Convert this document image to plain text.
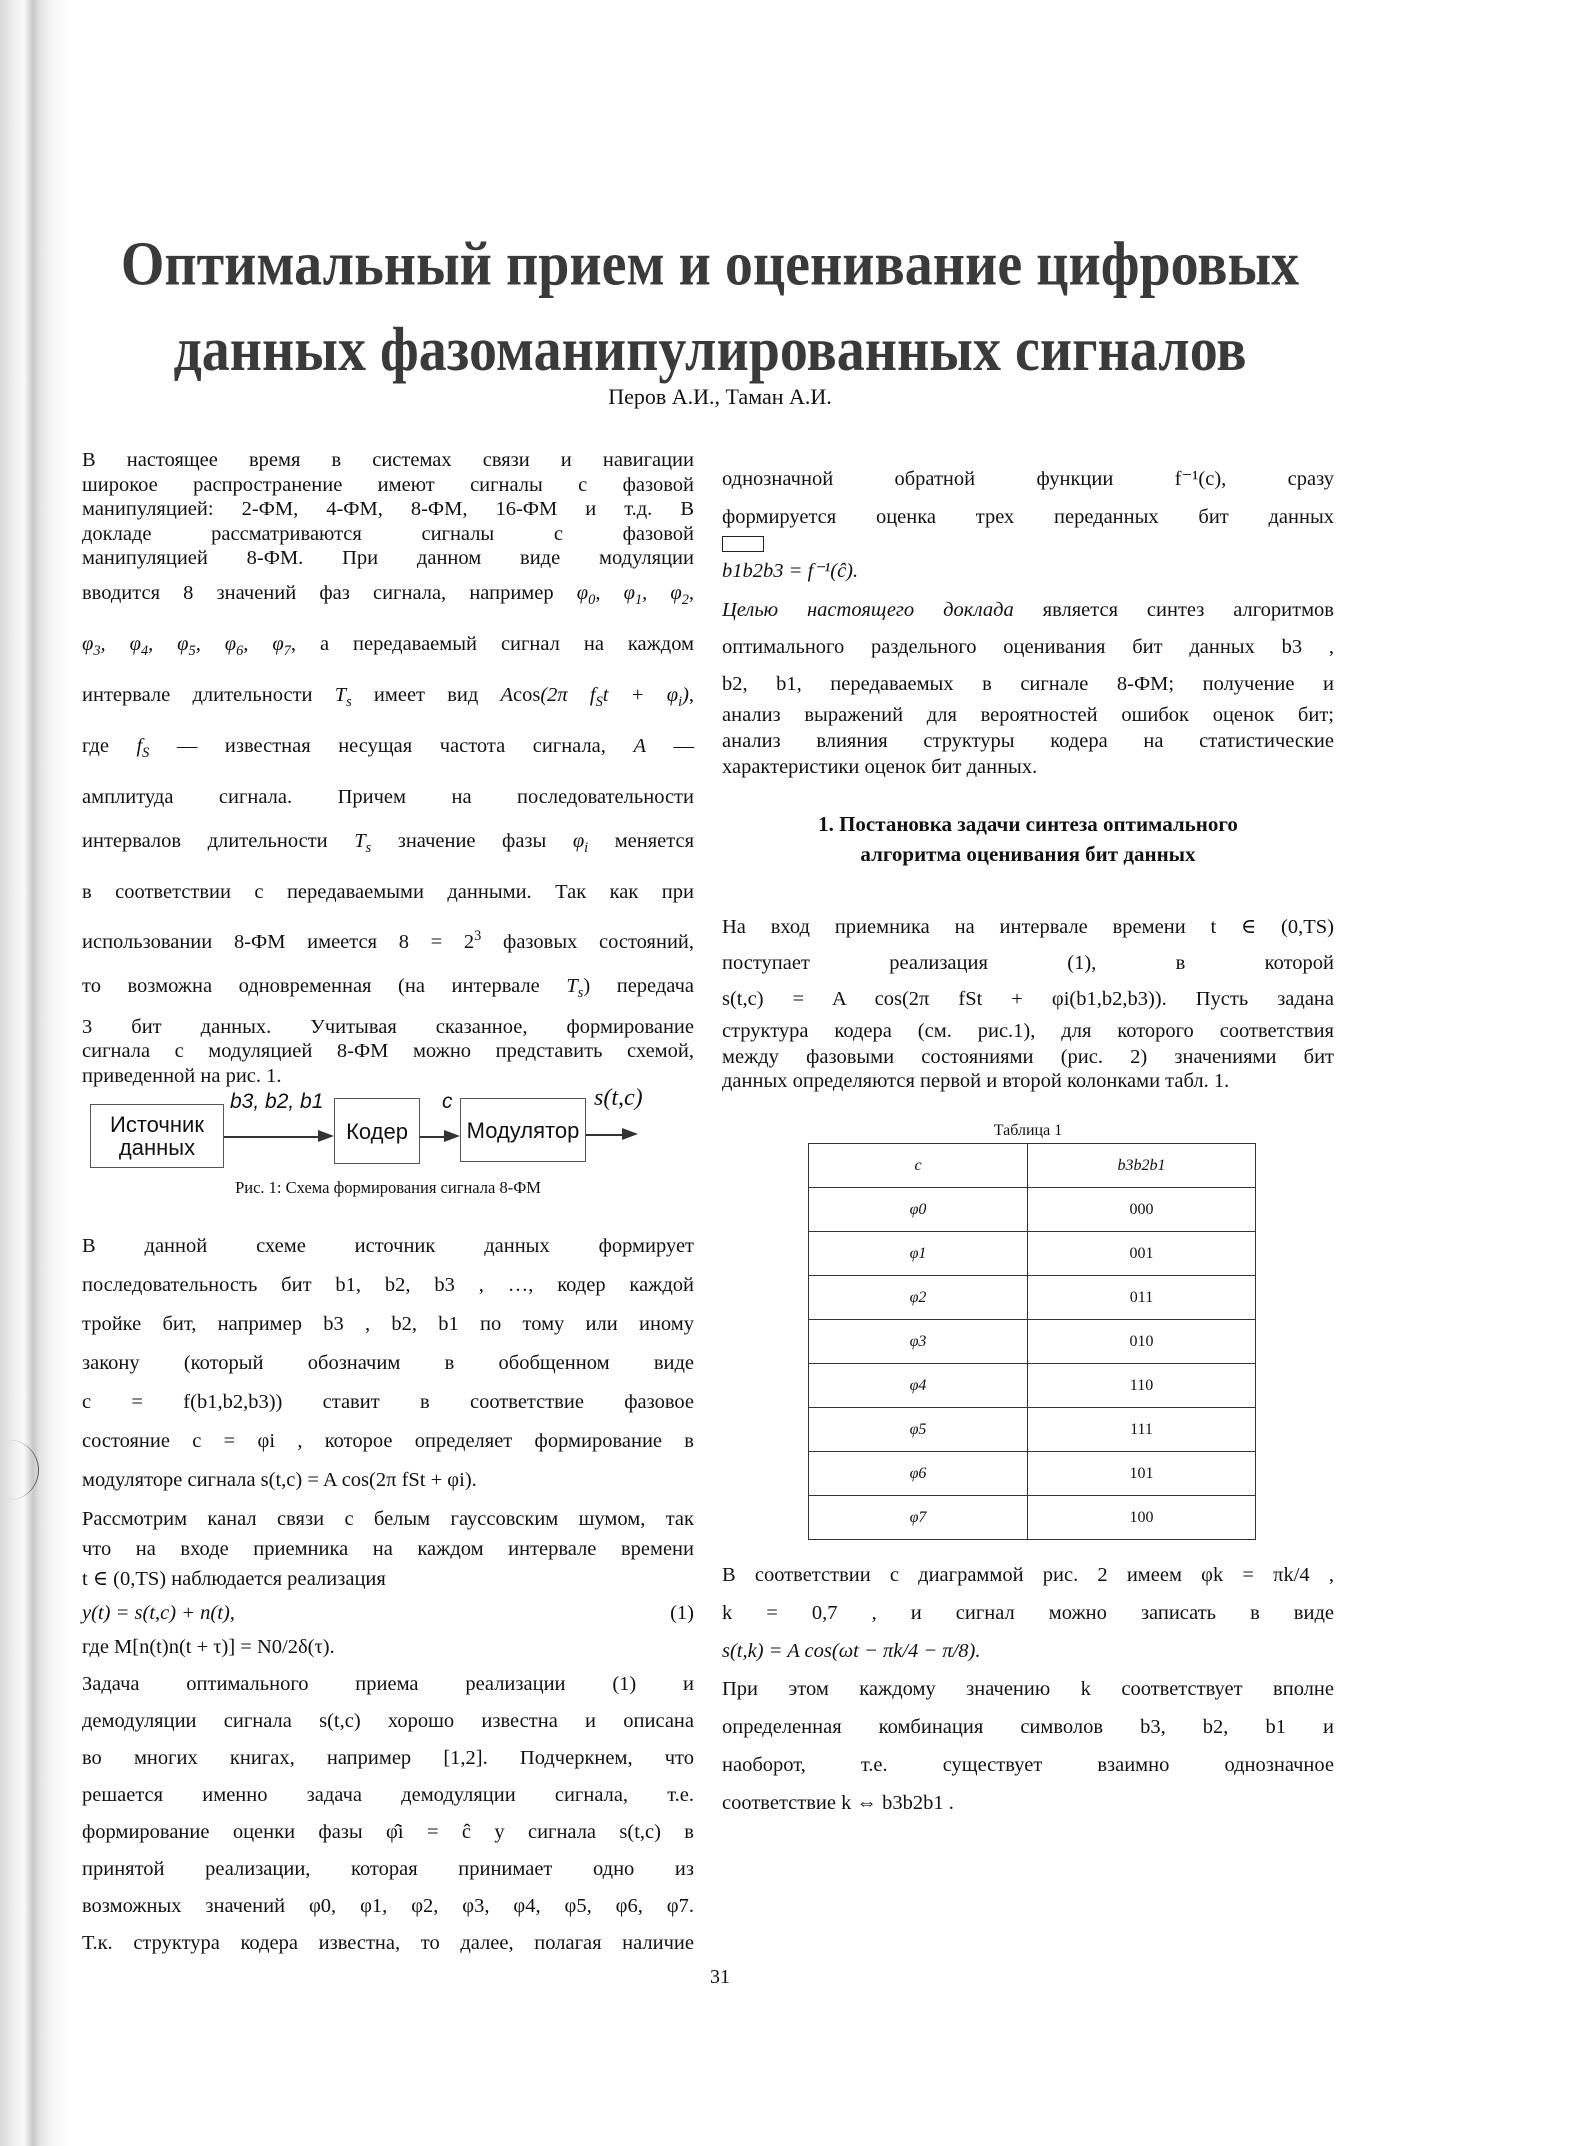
Оптимальный прием и оценивание цифровых
данных фазоманипулированных сигналов
Перов А.И., Таман А.И.
В настоящее время в системах связи и навигации
широкое распространение имеют сигналы с фазовой
манипуляцией: 2-ФМ, 4-ФМ, 8-ФМ, 16-ФМ и т.д. В
докладе рассматриваются сигналы с фазовой
манипуляцией 8-ФМ. При данном виде модуляции
вводится 8 значений фаз сигнала, например $\varphi_0$, $\varphi_1$, $\varphi_2$,
$\varphi_3$, $\varphi_4$, $\varphi_5$, $\varphi_6$, $\varphi_7$, а передаваемый сигнал на каждом
интервале длительности $T_s$ имеет вид Acos(2π $f_St + \varphi_i$),
где $f_S$ — известная несущая частота сигнала, A —
амплитуда сигнала. Причем на последовательности
интервалов длительности $T_s$ значение фазы $\varphi_i$ меняется
в соответствии с передаваемыми данными. Так как при
использовании 8-ФМ имеется $8 = 2^3$ фазовых состояний,
то возможна одновременная (на интервале $T_s$) передача
3 бит данных. Учитывая сказанное, формирование
сигнала с модуляцией 8-ФМ можно представить схемой,
приведенной на рис. 1.
Источник
данных
b3, b2, b1
Кодер
c
Модулятор
s(t,c)
Рис. 1: Схема формирования сигнала 8-ФМ
В данной схеме источник данных формирует
последовательность бит b1, b2, b3 , …, кодер каждой
тройке бит, например b3 , b2, b1 по тому или иному
закону (который обозначим в обобщенном виде
c = f(b1,b2,b3)) ставит в соответствие фазовое
состояние c = φi , которое определяет формирование в
модуляторе сигнала s(t,c) = A cos(2π fSt + φi).
Рассмотрим канал связи с белым гауссовским шумом, так
что на входе приемника на каждом интервале времени
t ∈ (0,TS) наблюдается реализация
y(t) = s(t,c) + n(t),	(1)
где M[n(t)n(t + τ)] = N0/2δ(τ).
Задача оптимального приема реализации (1) и
демодуляции сигнала s(t,c) хорошо известна и описана
во многих книгах, например [1,2]. Подчеркнем, что
решается именно задача демодуляции сигнала, т.е.
формирование оценки фазы φ̂i = ĉ у сигнала s(t,c) в
принятой реализации, которая принимает одно из
возможных значений φ0, φ1, φ2, φ3, φ4, φ5, φ6, φ7.
Т.к. структура кодера известна, то далее, полагая наличие
однозначной обратной функции f⁻¹(c), сразу
формируется оценка трех переданных бит данных
b1b2b3 = f⁻¹(ĉ).
Целью настоящего доклада является синтез алгоритмов
оптимального раздельного оценивания бит данных b3 ,
b2, b1, передаваемых в сигнале 8-ФМ; получение и
анализ выражений для вероятностей ошибок оценок бит;
анализ влияния структуры кодера на статистические
характеристики оценок бит данных.
1. Постановка задачи синтеза оптимального
алгоритма оценивания бит данных
На вход приемника на интервале времени t ∈ (0,TS)
поступает реализация (1), в которой
s(t,c) = A cos(2π fSt + φi(b1,b2,b3)). Пусть задана
структура кодера (см. рис.1), для которого соответствия
между фазовыми состояниями (рис. 2) значениями бит
данных определяются первой и второй колонками табл. 1.
Таблица 1
c	b3b2b1
φ0	000
φ1	001
φ2	011
φ3	010
φ4	110
φ5	111
φ6	101
φ7	100
В соответствии с диаграммой рис. 2 имеем φk = πk/4 ,
k = 0,7 , и сигнал можно записать в виде
s(t,k) = A cos(ωt − πk/4 − π/8).
При этом каждому значению k соответствует вполне
определенная комбинация символов b3, b2, b1 и
наоборот, т.е. существует взаимно однозначное
соответствие k ⇔ b3b2b1 .
31
